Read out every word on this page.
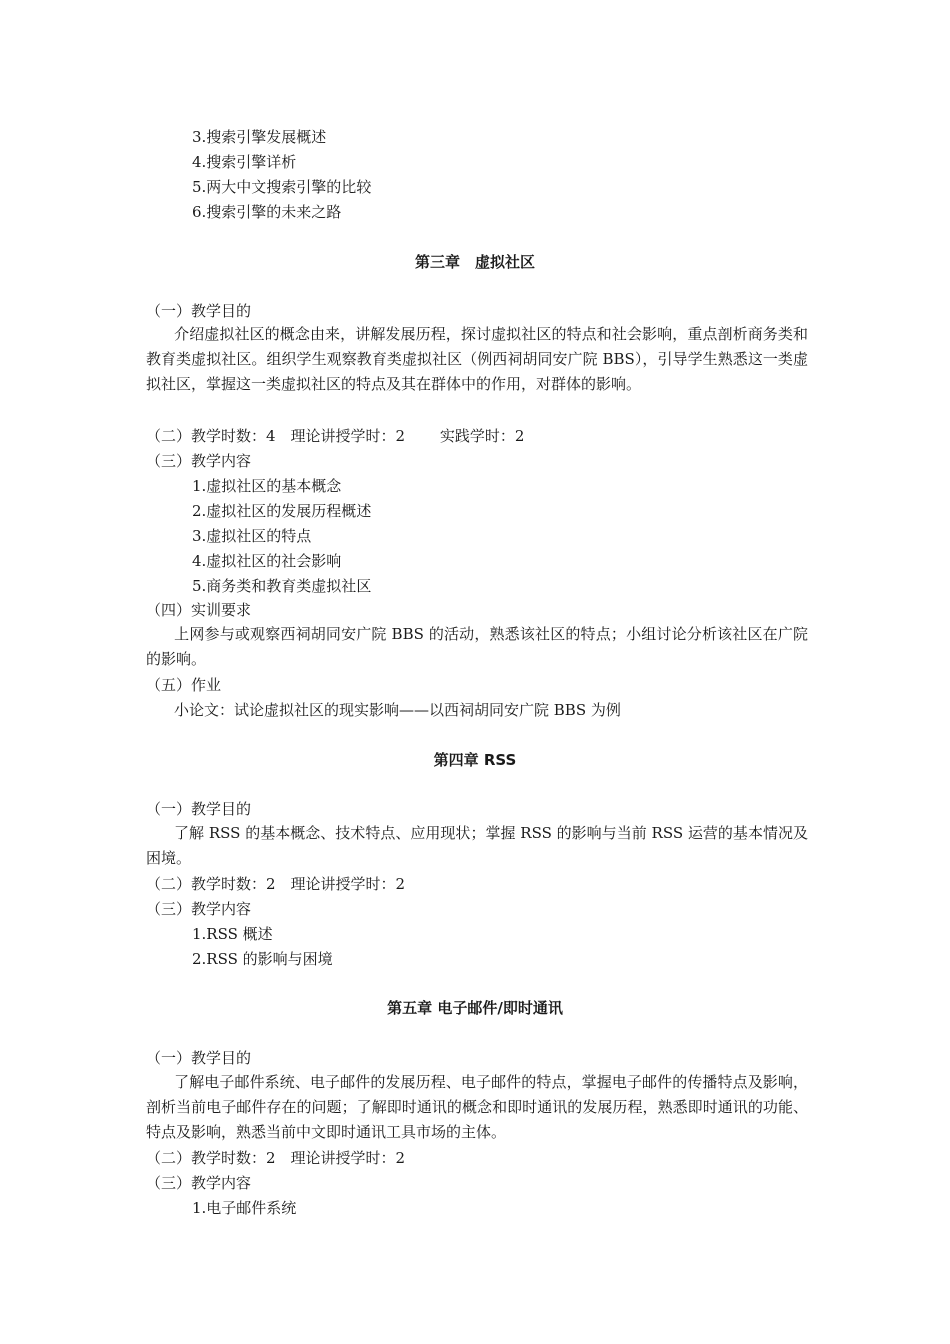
3.搜索引擎发展概述
4.搜索引擎详析
5.两大中文搜索引擎的比较
6.搜索引擎的未来之路
第三章　虚拟社区
（一）教学目的
介绍虚拟社区的概念由来，讲解发展历程，探讨虚拟社区的特点和社会影响，重点剖析商务类和教育类虚拟社区。组织学生观察教育类虚拟社区（例西祠胡同安广院 BBS），引导学生熟悉这一类虚拟社区，掌握这一类虚拟社区的特点及其在群体中的作用，对群体的影响。
（二）教学时数：4　理论讲授学时：2　　 实践学时：2
（三）教学内容
1.虚拟社区的基本概念
2.虚拟社区的发展历程概述
3.虚拟社区的特点
4.虚拟社区的社会影响
5.商务类和教育类虚拟社区
（四）实训要求
上网参与或观察西祠胡同安广院 BBS 的活动，熟悉该社区的特点；小组讨论分析该社区在广院的影响。
（五）作业
小论文：试论虚拟社区的现实影响——以西祠胡同安广院 BBS 为例
第四章 RSS
（一）教学目的
了解 RSS 的基本概念、技术特点、应用现状；掌握 RSS 的影响与当前 RSS 运营的基本情况及困境。
（二）教学时数：2　理论讲授学时：2
（三）教学内容
1.RSS 概述
2.RSS 的影响与困境
第五章 电子邮件/即时通讯
（一）教学目的
了解电子邮件系统、电子邮件的发展历程、电子邮件的特点，掌握电子邮件的传播特点及影响，剖析当前电子邮件存在的问题；了解即时通讯的概念和即时通讯的发展历程，熟悉即时通讯的功能、特点及影响，熟悉当前中文即时通讯工具市场的主体。
（二）教学时数：2　理论讲授学时：2
（三）教学内容
1.电子邮件系统
